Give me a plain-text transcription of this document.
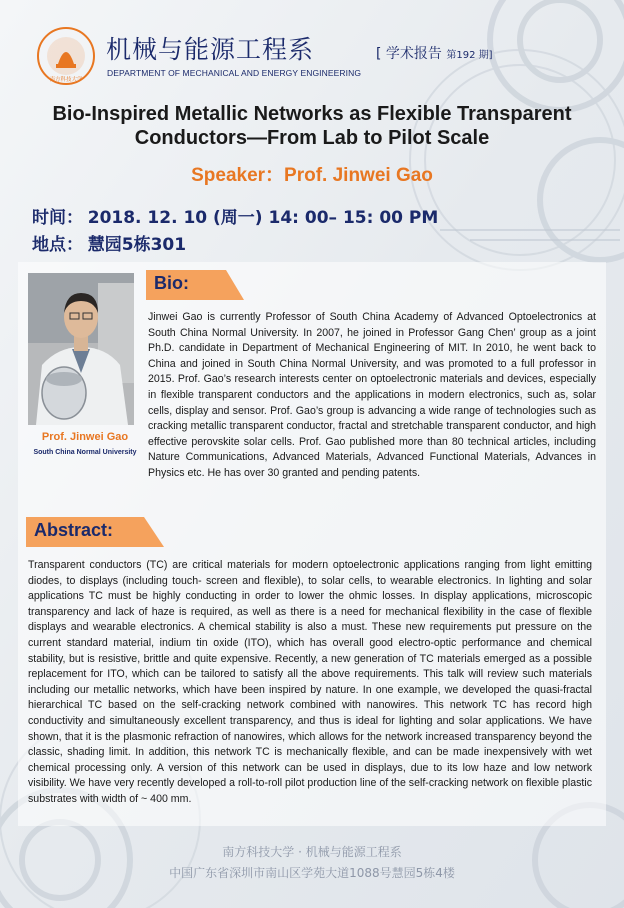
南方科技大学
机械与能源工程系	[ 学术报告 第192 期]
DEPARTMENT OF MECHANICAL AND ENERGY ENGINEERING
Bio-Inspired Metallic Networks as Flexible Transparent
Conductors—From Lab to Pilot Scale
Speaker：Prof. Jinwei Gao
时间： 2018. 12. 10 (周一) 14: 00– 15: 00 PM
地点： 慧园5栋301
Prof. Jinwei Gao
South China Normal University
Bio:
Jinwei Gao is currently Professor of South China Academy of Advanced Optoelectronics at South China Normal University. In 2007, he joined in Professor Gang Chen’ group as a joint Ph.D. candidate in Department of Mechanical Engineering of MIT. In 2010, he went back to China and joined in South China Normal University, and was promoted to a full professor in 2015. Prof. Gao’s research interests center on optoelectronic materials and devices, especially in flexible transparent conductors and the applications in modern electronics, such as, solar cells, display and sensor. Prof. Gao’s group is advancing a wide range of technologies such as cracking metallic transparent conductor, fractal and stretchable transparent conductor, and high effective perovskite solar cells. Prof. Gao published more than 80 technical articles, including Nature Communications, Advanced Materials, Advanced Functional Materials, Advances in Physics etc. He has over 30 granted and pending patents.
Abstract:
Transparent conductors (TC) are critical materials for modern optoelectronic applications ranging from light emitting diodes, to displays (including touch- screen and flexible), to solar cells, to wearable electronics. In lighting and solar applications TC must be highly conducting in order to lower the ohmic losses. In display applications, microscopic transparency and lack of haze is required, as well as there is a need for mechanical flexibility in the case of flexible displays and wearable electronics. A chemical stability is also a must. These new requirements put pressure on the current standard material, indium tin oxide (ITO), which has overall good electro-optic performance and chemical stability, but is resistive, brittle and quite expensive. Recently, a new generation of TC materials emerged as a possible replacement for ITO, which can be tailored to satisfy all the above requirements. This talk will review such materials including our metallic networks, which have been inspired by nature. In one example, we developed the quasi-fractal hierarchical TC based on the self-cracking network combined with nanowires. This network TC has record high conductivity and simultaneously excellent transparency, and thus is ideal for lighting and solar applications. We have shown, that it is the plasmonic refraction of nanowires, which allows for the network increased transparency beyond the classic, shading limit. In addition, this network TC is mechanically flexible, and can be made inexpensively with wet chemical processing only. A version of this network can be used in displays, due to its low haze and low network visibility. We have very recently developed a roll-to-roll pilot production line of the self-cracking network on flexible plastic substrates with width of ~ 400 mm.
南方科技大学 · 机械与能源工程系
中国广东省深圳市南山区学苑大道1088号慧园5栋4楼
